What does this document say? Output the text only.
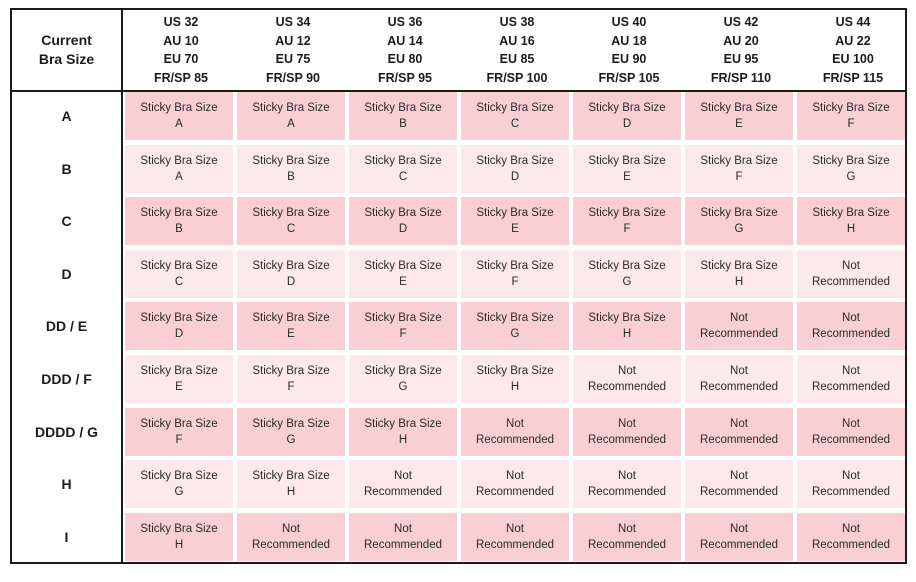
Current
Bra Size
US 32
AU 10
EU 70
FR/SP 85
US 34
AU 12
EU 75
FR/SP 90
US 36
AU 14
EU 80
FR/SP 95
US 38
AU 16
EU 85
FR/SP 100
US 40
AU 18
EU 90
FR/SP 105
US 42
AU 20
EU 95
FR/SP 110
US 44
AU 22
EU 100
FR/SP 115
A
B
C
D
DD / E
DDD / F
DDDD / G
H
I
Sticky Bra Size
A
Sticky Bra Size
A
Sticky Bra Size
B
Sticky Bra Size
C
Sticky Bra Size
D
Sticky Bra Size
E
Sticky Bra Size
F
Sticky Bra Size
A
Sticky Bra Size
B
Sticky Bra Size
C
Sticky Bra Size
D
Sticky Bra Size
E
Sticky Bra Size
F
Sticky Bra Size
G
Sticky Bra Size
B
Sticky Bra Size
C
Sticky Bra Size
D
Sticky Bra Size
E
Sticky Bra Size
F
Sticky Bra Size
G
Sticky Bra Size
H
Sticky Bra Size
C
Sticky Bra Size
D
Sticky Bra Size
E
Sticky Bra Size
F
Sticky Bra Size
G
Sticky Bra Size
H
Not
Recommended
Sticky Bra Size
D
Sticky Bra Size
E
Sticky Bra Size
F
Sticky Bra Size
G
Sticky Bra Size
H
Not
Recommended
Not
Recommended
Sticky Bra Size
E
Sticky Bra Size
F
Sticky Bra Size
G
Sticky Bra Size
H
Not
Recommended
Not
Recommended
Not
Recommended
Sticky Bra Size
F
Sticky Bra Size
G
Sticky Bra Size
H
Not
Recommended
Not
Recommended
Not
Recommended
Not
Recommended
Sticky Bra Size
G
Sticky Bra Size
H
Not
Recommended
Not
Recommended
Not
Recommended
Not
Recommended
Not
Recommended
Sticky Bra Size
H
Not
Recommended
Not
Recommended
Not
Recommended
Not
Recommended
Not
Recommended
Not
Recommended
